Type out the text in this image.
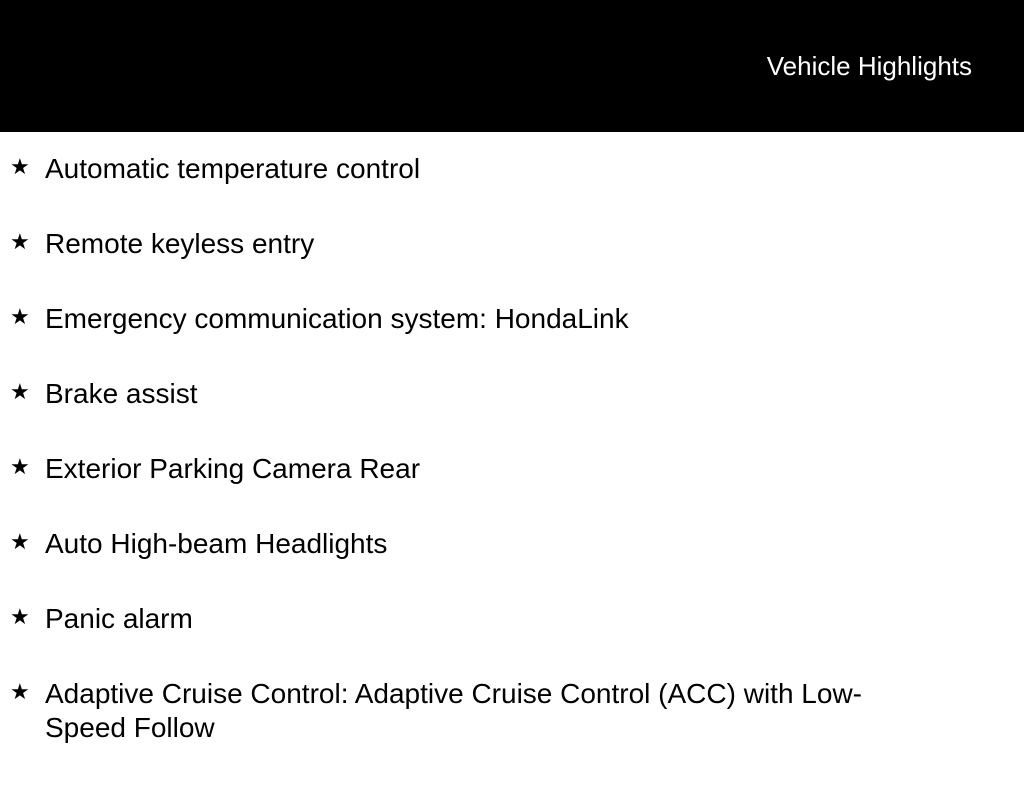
Vehicle Highlights
★ Automatic temperature control
★ Remote keyless entry
★ Emergency communication system: HondaLink
★ Brake assist
★ Exterior Parking Camera Rear
★ Auto High-beam Headlights
★ Panic alarm
★ Adaptive Cruise Control: Adaptive Cruise Control (ACC) with Low-Speed Follow
